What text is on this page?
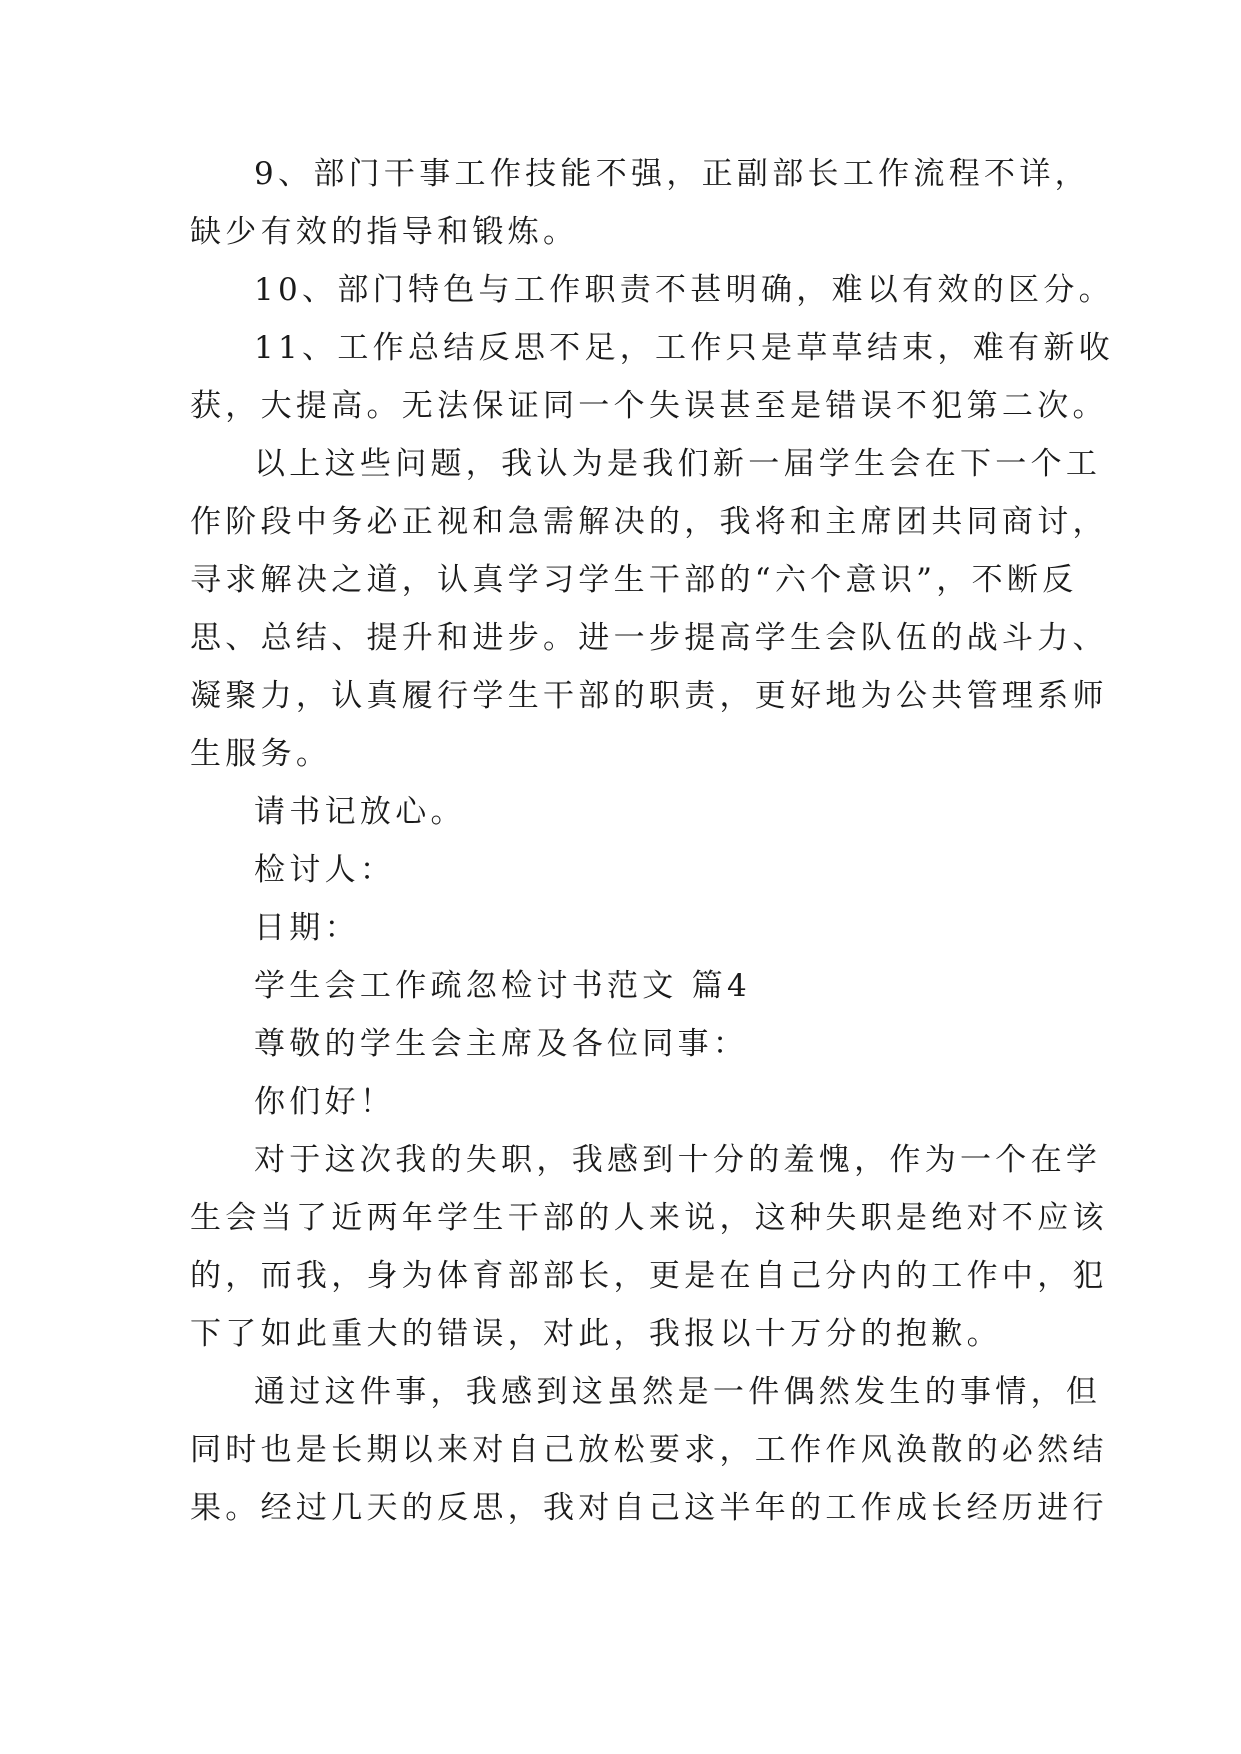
9、部门干事工作技能不强，正副部长工作流程不详，
缺少有效的指导和锻炼。
10、部门特色与工作职责不甚明确，难以有效的区分。
11、工作总结反思不足，工作只是草草结束，难有新收
获，大提高。无法保证同一个失误甚至是错误不犯第二次。
以上这些问题，我认为是我们新一届学生会在下一个工
作阶段中务必正视和急需解决的，我将和主席团共同商讨，
寻求解决之道，认真学习学生干部的“六个意识”，不断反
思、总结、提升和进步。进一步提高学生会队伍的战斗力、
凝聚力，认真履行学生干部的职责，更好地为公共管理系师
生服务。
请书记放心。
检讨人：
日期：
学生会工作疏忽检讨书范文 篇4
尊敬的学生会主席及各位同事：
你们好！
对于这次我的失职，我感到十分的羞愧，作为一个在学
生会当了近两年学生干部的人来说，这种失职是绝对不应该
的，而我，身为体育部部长，更是在自己分内的工作中，犯
下了如此重大的错误，对此，我报以十万分的抱歉。
通过这件事，我感到这虽然是一件偶然发生的事情，但
同时也是长期以来对自己放松要求，工作作风涣散的必然结
果。经过几天的反思，我对自己这半年的工作成长经历进行
